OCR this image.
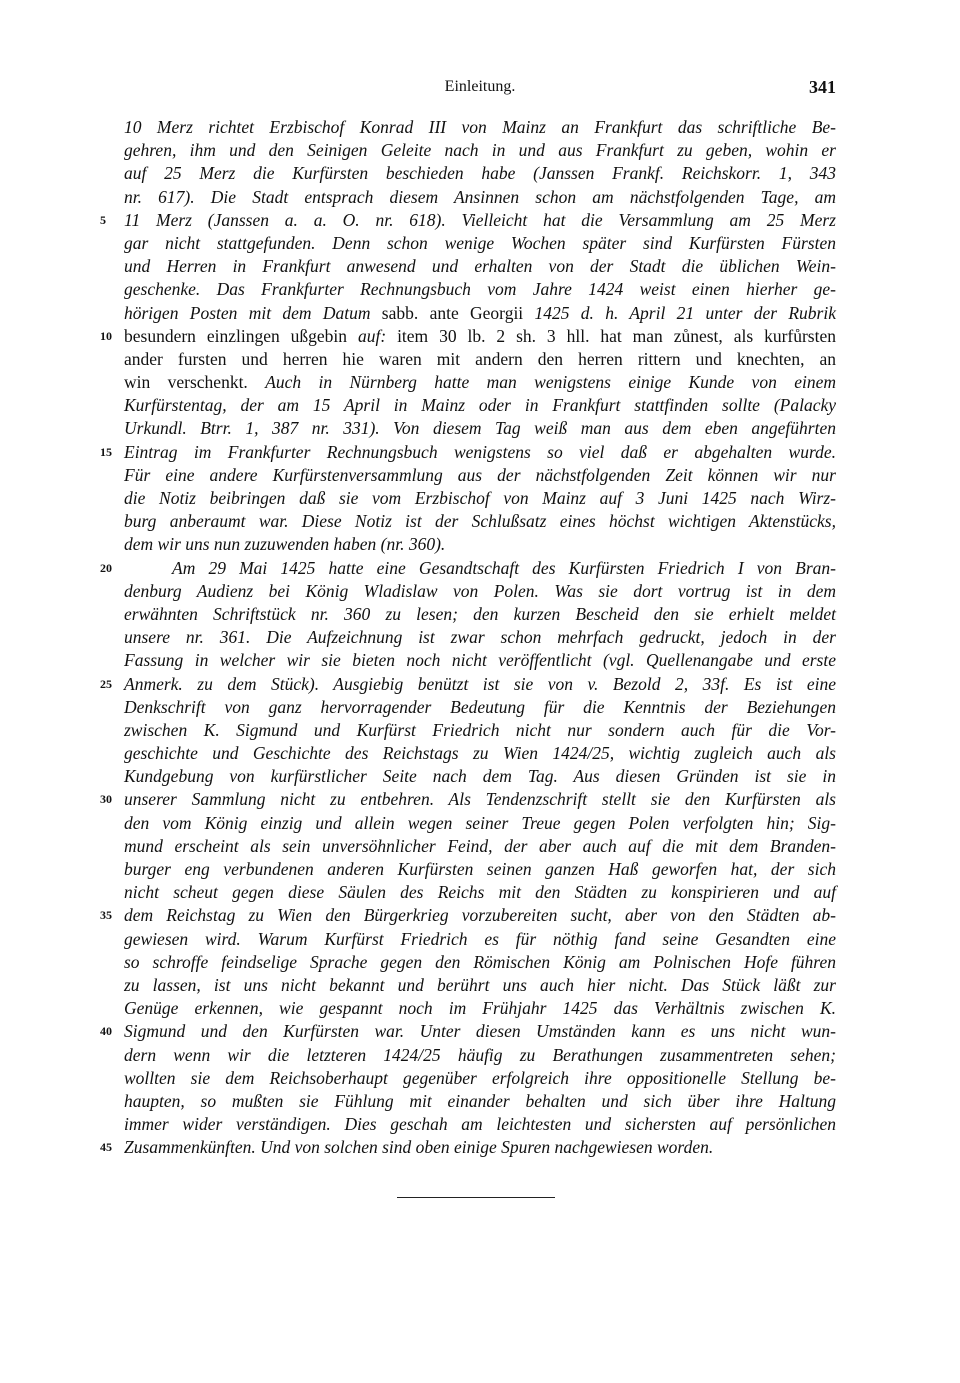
Einleitung.	341
10 Merz richtet Erzbischof Konrad III von Mainz an Frankfurt das schriftliche Be-
gehren, ihm und den Seinigen Geleite nach in und aus Frankfurt zu geben, wohin er
auf 25 Merz die Kurfürsten beschieden habe (Janssen Frankf. Reichskorr. 1, 343
nr. 617). Die Stadt entsprach diesem Ansinnen schon am nächstfolgenden Tage, am
5	11 Merz (Janssen a. a. O. nr. 618). Vielleicht hat die Versammlung am 25 Merz
gar nicht stattgefunden. Denn schon wenige Wochen später sind Kurfürsten Fürsten
und Herren in Frankfurt anwesend und erhalten von der Stadt die üblichen Wein-
geschenke. Das Frankfurter Rechnungsbuch vom Jahre 1424 weist einen hierher ge-
hörigen Posten mit dem Datum sabb. ante Georgii 1425 d. h. April 21 unter der Rubrik
10 besundern einzlingen ußgebin auf: item 30 lb. 2 sh. 3 hll. hat man zůnest, als kurfůrsten
ander fursten und herren hie waren mit andern den herren rittern und knechten, an
win verschenkt. Auch in Nürnberg hatte man wenigstens einige Kunde von einem
Kurfürstentag, der am 15 April in Mainz oder in Frankfurt stattfinden sollte (Palacky
Urkundl. Btrr. 1, 387 nr. 331). Von diesem Tag weiß man aus dem eben angeführten
15 Eintrag im Frankfurter Rechnungsbuch wenigstens so viel daß er abgehalten wurde.
Für eine andere Kurfürstenversammlung aus der nächstfolgenden Zeit können wir nur
die Notiz beibringen daß sie vom Erzbischof von Mainz auf 3 Juni 1425 nach Wirz-
burg anberaumt war. Diese Notiz ist der Schlußsatz eines höchst wichtigen Aktenstücks,
dem wir uns nun zuzuwenden haben (nr. 360).
20	Am 29 Mai 1425 hatte eine Gesandtschaft des Kurfürsten Friedrich I von Bran-
denburg Audienz bei König Wladislaw von Polen. Was sie dort vortrug ist in dem
erwähnten Schriftstück nr. 360 zu lesen; den kurzen Bescheid den sie erhielt meldet
unsere nr. 361. Die Aufzeichnung ist zwar schon mehrfach gedruckt, jedoch in der
Fassung in welcher wir sie bieten noch nicht veröffentlicht (vgl. Quellenangabe und erste
25 Anmerk. zu dem Stück). Ausgiebig benützt ist sie von v. Bezold 2, 33f. Es ist eine
Denkschrift von ganz hervorragender Bedeutung für die Kenntnis der Beziehungen
zwischen K. Sigmund und Kurfürst Friedrich nicht nur sondern auch für die Vor-
geschichte und Geschichte des Reichstags zu Wien 1424/25, wichtig zugleich auch als
Kundgebung von kurfürstlicher Seite nach dem Tag. Aus diesen Gründen ist sie in
30 unserer Sammlung nicht zu entbehren. Als Tendenzschrift stellt sie den Kurfürsten als
den vom König einzig und allein wegen seiner Treue gegen Polen verfolgten hin; Sig-
mund erscheint als sein unversöhnlicher Feind, der aber auch auf die mit dem Branden-
burger eng verbundenen anderen Kurfürsten seinen ganzen Haß geworfen hat, der sich
nicht scheut gegen diese Säulen des Reichs mit den Städten zu konspirieren und auf
35 dem Reichstag zu Wien den Bürgerkrieg vorzubereiten sucht, aber von den Städten ab-
gewiesen wird. Warum Kurfürst Friedrich es für nöthig fand seine Gesandten eine
so schroffe feindselige Sprache gegen den Römischen König am Polnischen Hofe führen
zu lassen, ist uns nicht bekannt und berührt uns auch hier nicht. Das Stück läßt zur
Genüge erkennen, wie gespannt noch im Frühjahr 1425 das Verhältnis zwischen K.
40 Sigmund und den Kurfürsten war. Unter diesen Umständen kann es uns nicht wun-
dern wenn wir die letzteren 1424/25 häufig zu Berathungen zusammentreten sehen;
wollten sie dem Reichsoberhaupt gegenüber erfolgreich ihre oppositionelle Stellung be-
haupten, so mußten sie Fühlung mit einander behalten und sich über ihre Haltung
immer wider verständigen. Dies geschah am leichtesten und sichersten auf persönlichen
45 Zusammenkünften. Und von solchen sind oben einige Spuren nachgewiesen worden.
